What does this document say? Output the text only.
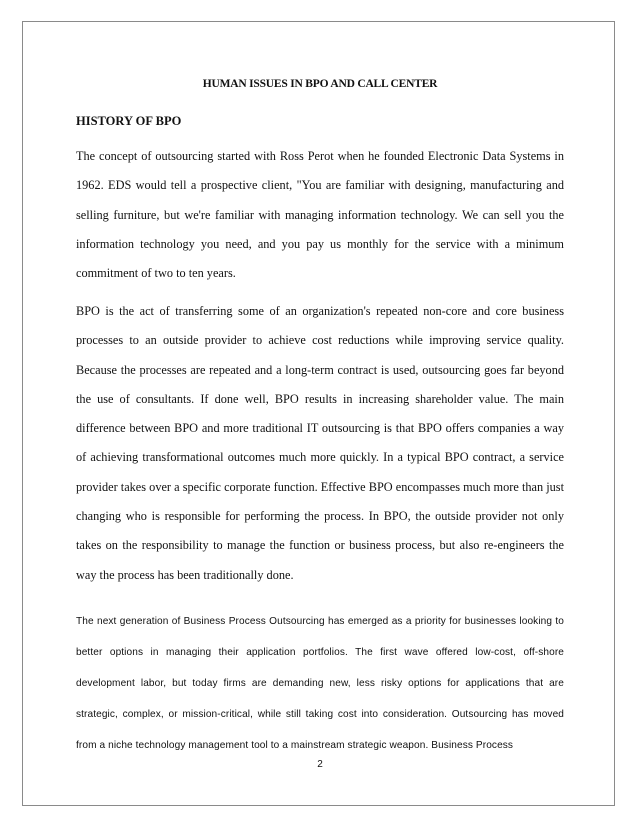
HUMAN ISSUES IN BPO AND CALL CENTER
HISTORY OF BPO

The concept of outsourcing started with Ross Perot when he founded Electronic Data Systems in 1962. EDS would tell a prospective client, "You are familiar with designing, manufacturing and selling furniture, but we're familiar with managing information technology. We can sell you the information technology you need, and you pay us monthly for the service with a minimum commitment of two to ten years.

BPO is the act of transferring some of an organization's repeated non-core and core business processes to an outside provider to achieve cost reductions while improving service quality. Because the processes are repeated and a long-term contract is used, outsourcing goes far beyond the use of consultants. If done well, BPO results in increasing shareholder value. The main difference between BPO and more traditional IT outsourcing is that BPO offers companies a way of achieving transformational outcomes much more quickly. In a typical BPO contract, a service provider takes over a specific corporate function. Effective BPO encompasses much more than just changing who is responsible for performing the process. In BPO, the outside provider not only takes on the responsibility to manage the function or business process, but also re-engineers the way the process has been traditionally done.

The next generation of Business Process Outsourcing has emerged as a priority for businesses looking to better options in managing their application portfolios. The first wave offered low-cost, off-shore development labor, but today firms are demanding new, less risky options for applications that are strategic, complex, or mission-critical, while still taking cost into consideration. Outsourcing has moved from a niche technology management tool to a mainstream strategic weapon. Business Process

2
